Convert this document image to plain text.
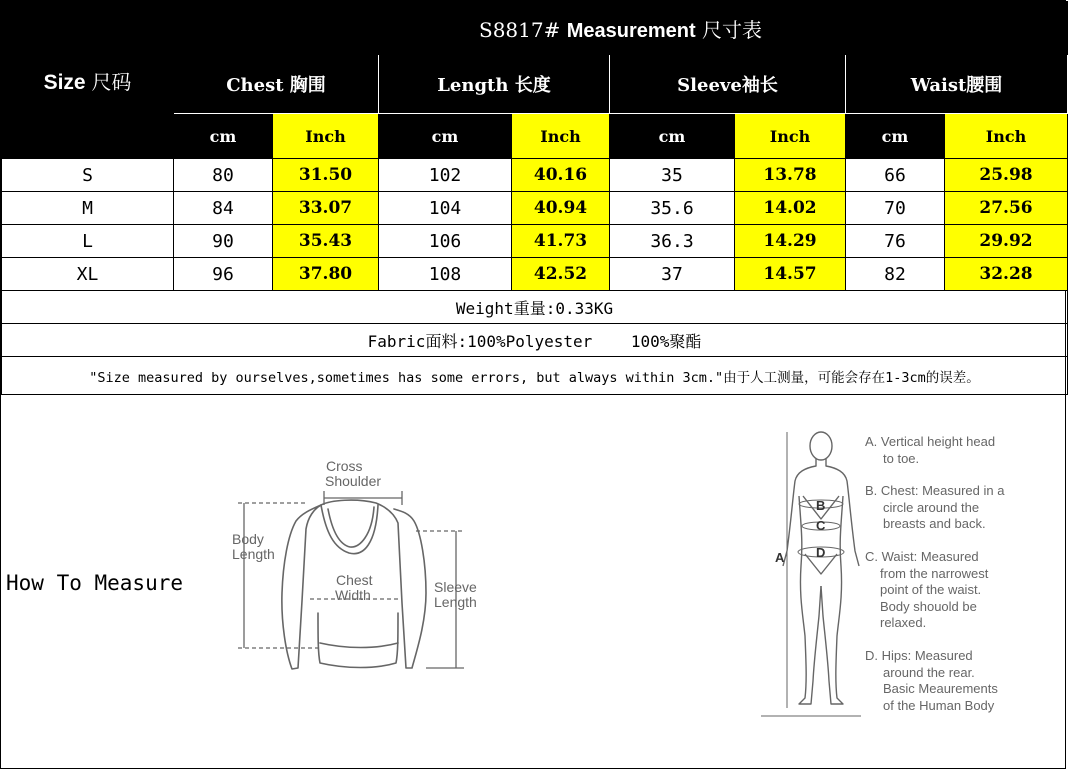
Size 尺码	S8817# Measurement 尺寸表							
	Chest 胸围		Length 长度		Sleeve袖长		Waist腰围	
	cm	Inch	cm	Inch	cm	Inch	cm	Inch
S	80	31.50	102	40.16	35	13.78	66	25.98
M	84	33.07	104	40.94	35.6	14.02	70	27.56
L	90	35.43	106	41.73	36.3	14.29	76	29.92
XL	96	37.80	108	42.52	37	14.57	82	32.28
Weight重量:0.33KG								
Fabric面料:100%Polyester    100%聚酯								
"Size measured by ourselves,sometimes has some errors, but always within 3cm."由于人工测量，可能会存在1-3cm的误差。								
How To Measure
Cross
Shoulder
Body
Length
Chest
Width	Sleeve
Length
B
C
D
A
A. Vertical height head
to toe.
B. Chest: Measured in a
circle around the
breasts and back.
C. Waist: Measured
from the narrowest
point of the waist.
Body shouold be
relaxed.
D. Hips: Measured
around the rear.
Basic Meaurements
of the Human Body
